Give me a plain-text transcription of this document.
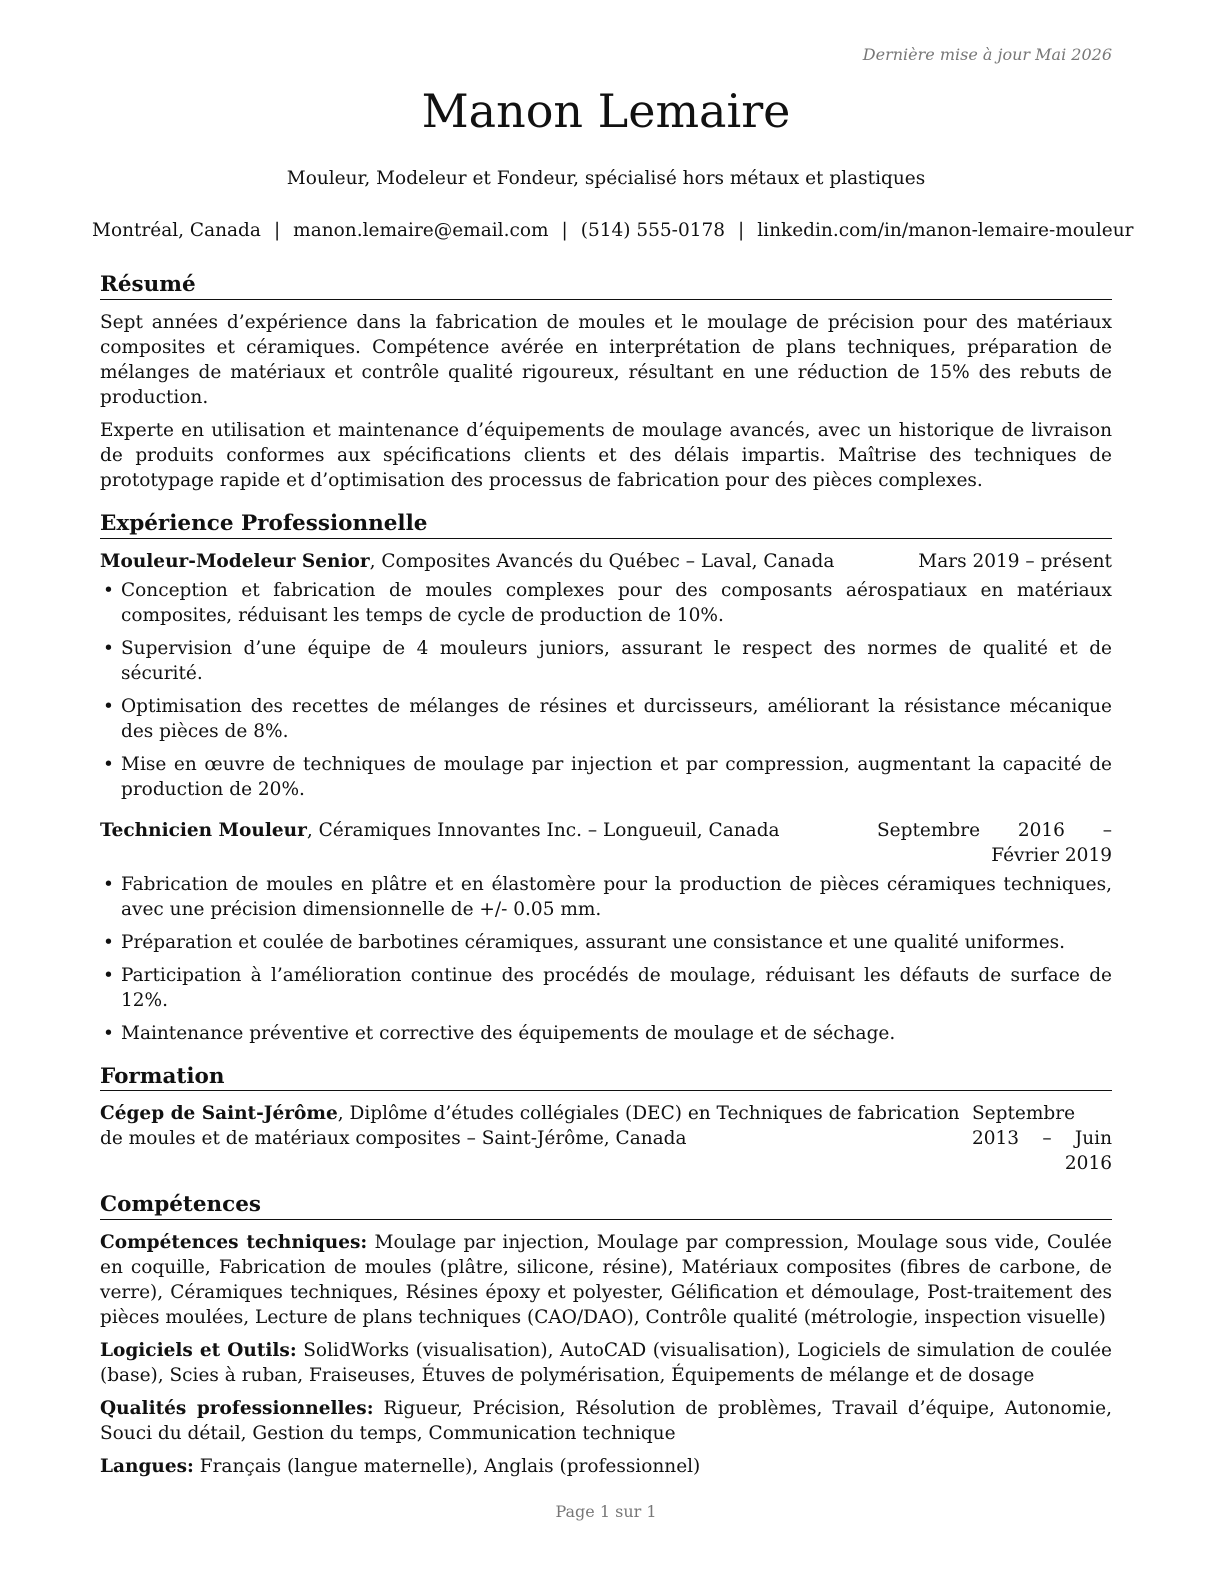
Dernière mise à jour Mai 2026
Manon Lemaire
Mouleur, Modeleur et Fondeur, spécialisé hors métaux et plastiques
Montréal, Canada | manon.lemaire@email.com | (514) 555-0178 | linkedin.com/in/manon-lemaire-mouleur
Résumé

Sept années d’expérience dans la fabrication de moules et le moulage de précision pour des matériaux composites et céramiques. Compétence avérée en interprétation de plans techniques, préparation de mélanges de matériaux et contrôle qualité rigoureux, résultant en une réduction de 15% des rebuts de production.

Experte en utilisation et maintenance d’équipements de moulage avancés, avec un historique de livraison de produits conformes aux spécifications clients et des délais impartis. Maîtrise des techniques de prototypage rapide et d’optimisation des processus de fabrication pour des pièces complexes.

Expérience Professionnelle
Mouleur-Modeleur Senior, Composites Avancés du Québec – Laval, Canada	Mars 2019 – présent
• Conception et fabrication de moules complexes pour des composants aérospatiaux en matériaux composites, réduisant les temps de cycle de production de 10%.
• Supervision d’une équipe de 4 mouleurs juniors, assurant le respect des normes de qualité et de sécurité.
• Optimisation des recettes de mélanges de résines et durcisseurs, améliorant la résistance mécanique des pièces de 8%.
• Mise en œuvre de techniques de moulage par injection et par compression, augmentant la capacité de production de 20%.
Technicien Mouleur, Céramiques Innovantes Inc. – Longueuil, Canada	Septembre 2016 – Février 2019
• Fabrication de moules en plâtre et en élastomère pour la production de pièces céramiques techniques, avec une précision dimensionnelle de +/- 0.05 mm.
• Préparation et coulée de barbotines céramiques, assurant une consistance et une qualité uniformes.
• Participation à l’amélioration continue des procédés de moulage, réduisant les défauts de surface de 12%.
• Maintenance préventive et corrective des équipements de moulage et de séchage.
Formation
Cégep de Saint-Jérôme, Diplôme d’études collégiales (DEC) en Techniques de fabrication de moules et de matériaux composites – Saint-Jérôme, Canada
Septembre 2013 – Juin 2016
Compétences

Compétences techniques: Moulage par injection, Moulage par compression, Moulage sous vide, Coulée en coquille, Fabrication de moules (plâtre, silicone, résine), Matériaux composites (fibres de carbone, de verre), Céramiques techniques, Résines époxy et polyester, Gélification et démoulage, Post-traitement des pièces moulées, Lecture de plans techniques (CAO/DAO), Contrôle qualité (métrologie, inspection visuelle)

Logiciels et Outils: SolidWorks (visualisation), AutoCAD (visualisation), Logiciels de simulation de coulée (base), Scies à ruban, Fraiseuses, Étuves de polymérisation, Équipements de mélange et de dosage

Qualités professionnelles: Rigueur, Précision, Résolution de problèmes, Travail d’équipe, Autonomie, Souci du détail, Gestion du temps, Communication technique

Langues: Français (langue maternelle), Anglais (professionnel)

Page 1 sur 1
